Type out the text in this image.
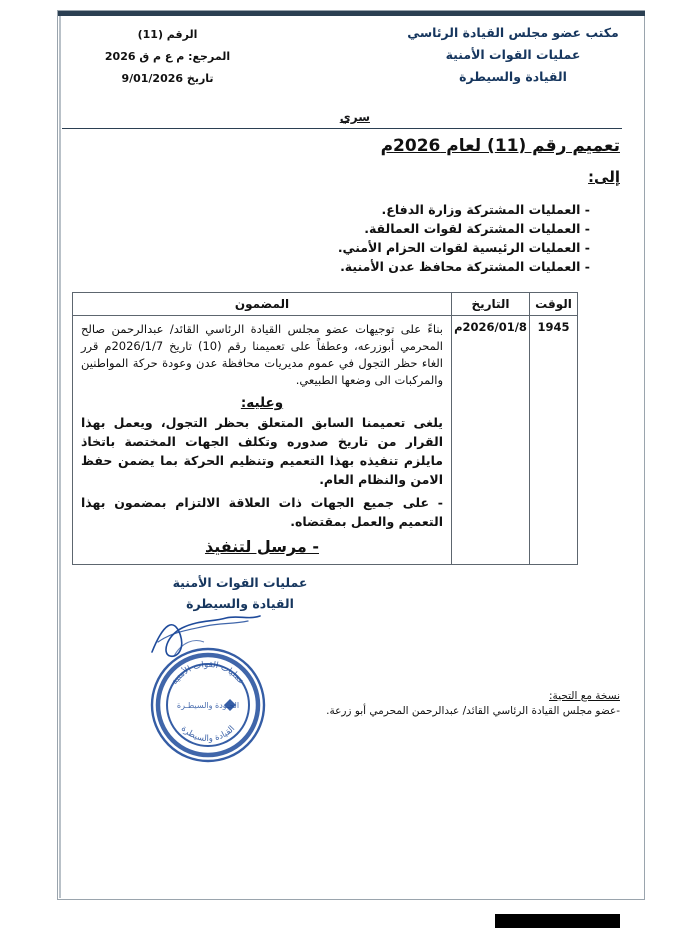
مكتب عضو مجلس القيادة الرئاسي
عمليات القوات الأمنية
القيادة والسيطرة
الرقم (11)
المرجع: م ع م ق 2026
تاريخ 9/01/2026
سري
تعميم رقم (11) لعام 2026م
إلى:
- العمليات المشتركة وزارة الدفاع.
- العمليات المشتركة لقوات العمالقة.
- العمليات الرئيسية لقوات الحزام الأمني.
- العمليات المشتركة محافظ عدن الأمنية.
الوقت
التاريخ
المضمون
1945
2026/01/8م

بناءً على توجيهات عضو مجلس القيادة الرئاسي القائد/ عبدالرحمن صالح المحرمي أبوزرعه، وعطفاً على تعميمنا رقم (10) تاريخ 2026/1/7م قرر الغاء حظر التجول في عموم مديريات محافظة عدن وعودة حركة المواطنين والمركبات الى وضعها الطبيعي.

وعليه:

يلغى تعميمنا السابق المتعلق بحظر التجول، ويعمل بهذا القرار من تاريخ صدوره وتكلف الجهات المختصة باتخاذ مايلزم تنفيذه بهذا التعميم وتنظيم الحركة بما يضمن حفظ الامن والنظام العام.

- على جميع الجهات ذات العلاقة الالتزام بمضمون بهذا التعميم والعمل بمقتضاه.

- مرسل لتنفيذ
عمليات القوات الأمنية
القيادة والسيطرة
عمليات القوات الأمنية
القيادة والسيطرة
الجـودة والسيطـرة
نسخة مع التحية:
-عضو مجلس القيادة الرئاسي القائد/ عبدالرحمن المحرمي أبو زرعة.
